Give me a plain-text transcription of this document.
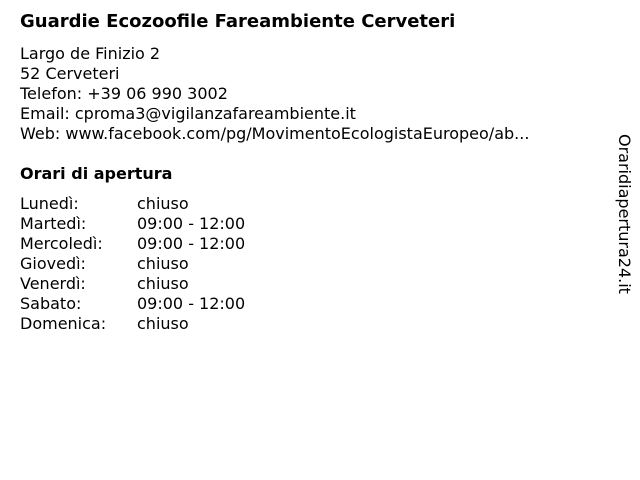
Guardie Ecozoofile Fareambiente Cerveteri
Largo de Finizio 2
52 Cerveteri
Telefon: +39 06 990 3002
Email: cproma3@vigilanzafareambiente.it
Web: www.facebook.com/pg/MovimentoEcologistaEuropeo/ab...
Orari di apertura
Lunedì:	chiuso
Martedì:	09:00 - 12:00
Mercoledì:	09:00 - 12:00
Giovedì:	chiuso
Venerdì:	chiuso
Sabato:	09:00 - 12:00
Domenica:	chiuso
Oraridiapertura24.it
